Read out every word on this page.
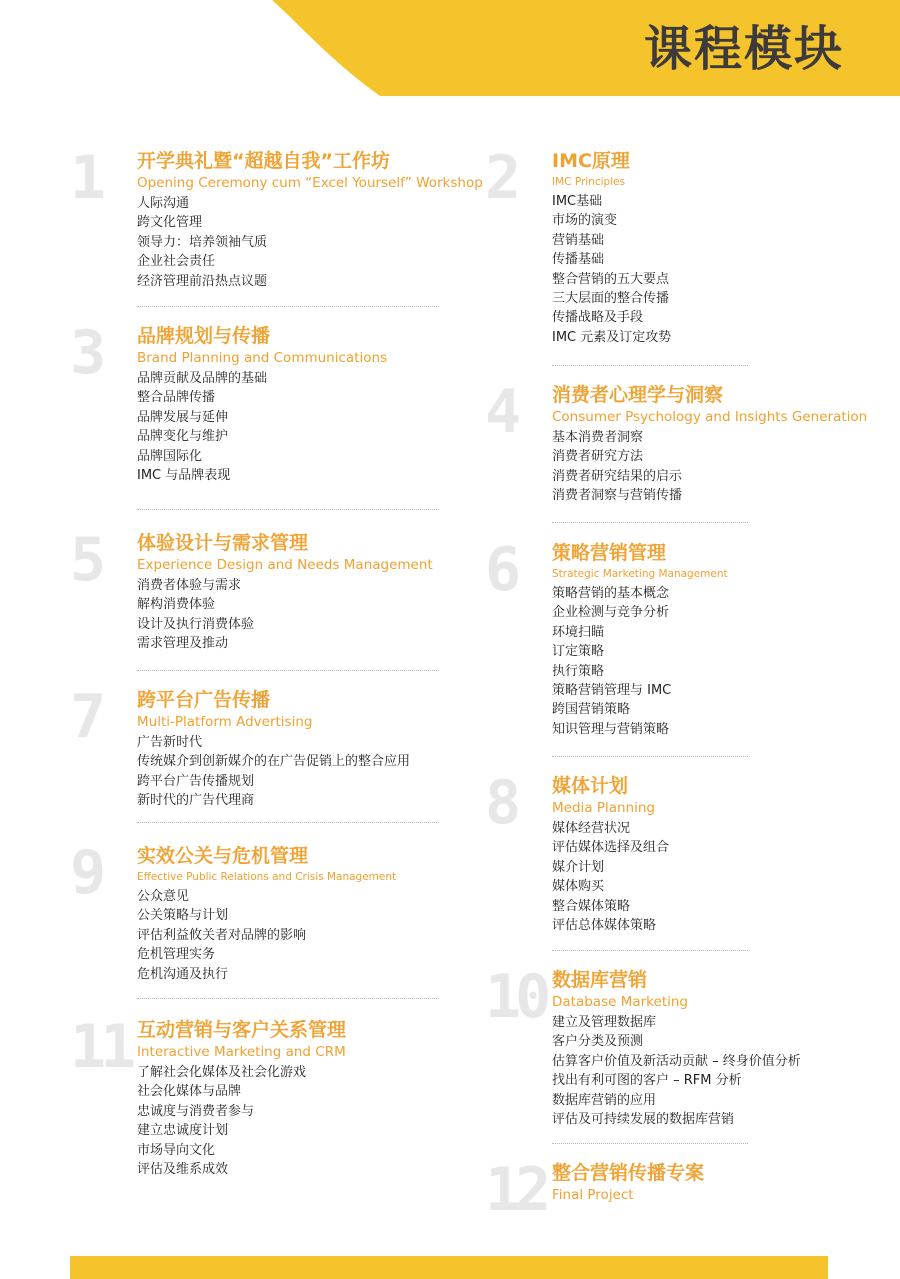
课程模块
1 开学典礼暨“超越自我”工作坊
Opening Ceremony cum “Excel Yourself” Workshop
人际沟通
跨文化管理
领导力：培养领袖气质
企业社会责任
经济管理前沿热点议题
3 品牌规划与传播
Brand Planning and Communications
品牌贡献及品牌的基础
整合品牌传播
品牌发展与延伸
品牌变化与维护
品牌国际化
IMC 与品牌表现
5 体验设计与需求管理
Experience Design and Needs Management
消费者体验与需求
解构消费体验
设计及执行消费体验
需求管理及推动
7 跨平台广告传播
Multi-Platform Advertising
广告新时代
传统媒介到创新媒介的在广告促销上的整合应用
跨平台广告传播规划
新时代的广告代理商
9 实效公关与危机管理
Effective Public Relations and Crisis Management
公众意见
公关策略与计划
评估利益攸关者对品牌的影响
危机管理实务
危机沟通及执行
11 互动营销与客户关系管理
Interactive Marketing and CRM
了解社会化媒体及社会化游戏
社会化媒体与品牌
忠诚度与消费者参与
建立忠诚度计划
市场导向文化
评估及维系成效
2 IMC原理
IMC Principles
IMC基础
市场的演变
营销基础
传播基础
整合营销的五大要点
三大层面的整合传播
传播战略及手段
IMC 元素及订定攻势
4 消费者心理学与洞察
Consumer Psychology and Insights Generation
基本消费者洞察
消费者研究方法
消费者研究结果的启示
消费者洞察与营销传播
6 策略营销管理
Strategic Marketing Management
策略营销的基本概念
企业检测与竞争分析
环境扫瞄
订定策略
执行策略
策略营销管理与 IMC
跨国营销策略
知识管理与营销策略
8 媒体计划
Media Planning
媒体经营状况
评估媒体选择及组合
媒介计划
媒体购买
整合媒体策略
评估总体媒体策略
10 数据库营销
Database Marketing
建立及管理数据库
客户分类及预测
估算客户价值及新活动贡献 – 终身价值分析
找出有利可图的客户 – RFM 分析
数据库营销的应用
评估及可持续发展的数据库营销
12 整合营销传播专案
Final Project
